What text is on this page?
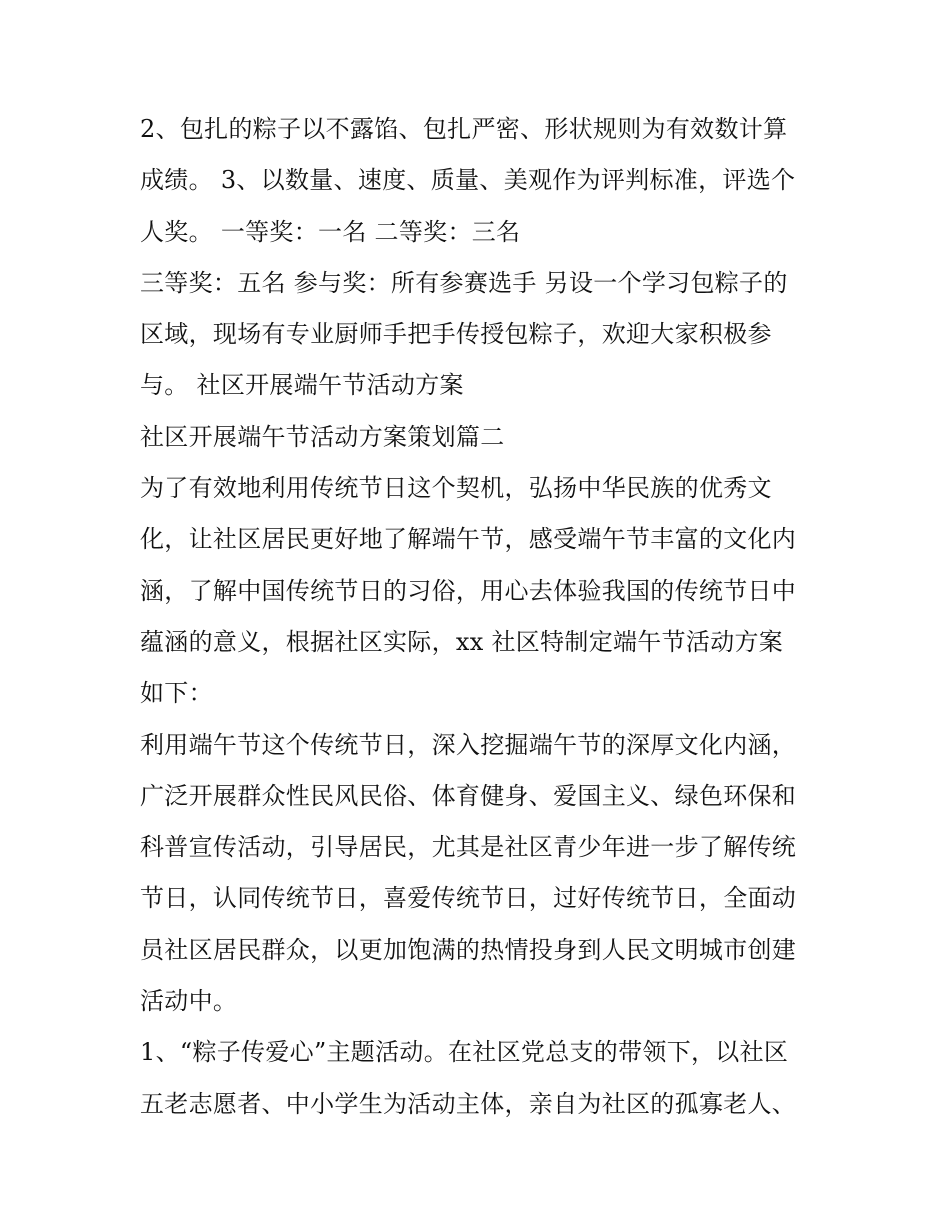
2、包扎的粽子以不露馅、包扎严密、形状规则为有效数计算
成绩。 3、以数量、速度、质量、美观作为评判标准，评选个
人奖。 一等奖：一名 二等奖：三名
三等奖：五名 参与奖：所有参赛选手 另设一个学习包粽子的
区域，现场有专业厨师手把手传授包粽子，欢迎大家积极参
与。 社区开展端午节活动方案
社区开展端午节活动方案策划篇二
为了有效地利用传统节日这个契机，弘扬中华民族的优秀文
化，让社区居民更好地了解端午节，感受端午节丰富的文化内
涵，了解中国传统节日的习俗，用心去体验我国的传统节日中
蕴涵的意义，根据社区实际，xx 社区特制定端午节活动方案
如下：
利用端午节这个传统节日，深入挖掘端午节的深厚文化内涵，
广泛开展群众性民风民俗、体育健身、爱国主义、绿色环保和
科普宣传活动，引导居民，尤其是社区青少年进一步了解传统
节日，认同传统节日，喜爱传统节日，过好传统节日，全面动
员社区居民群众，以更加饱满的热情投身到人民文明城市创建
活动中。
1、“粽子传爱心”主题活动。在社区党总支的带领下，以社区
五老志愿者、中小学生为活动主体，亲自为社区的孤寡老人、
